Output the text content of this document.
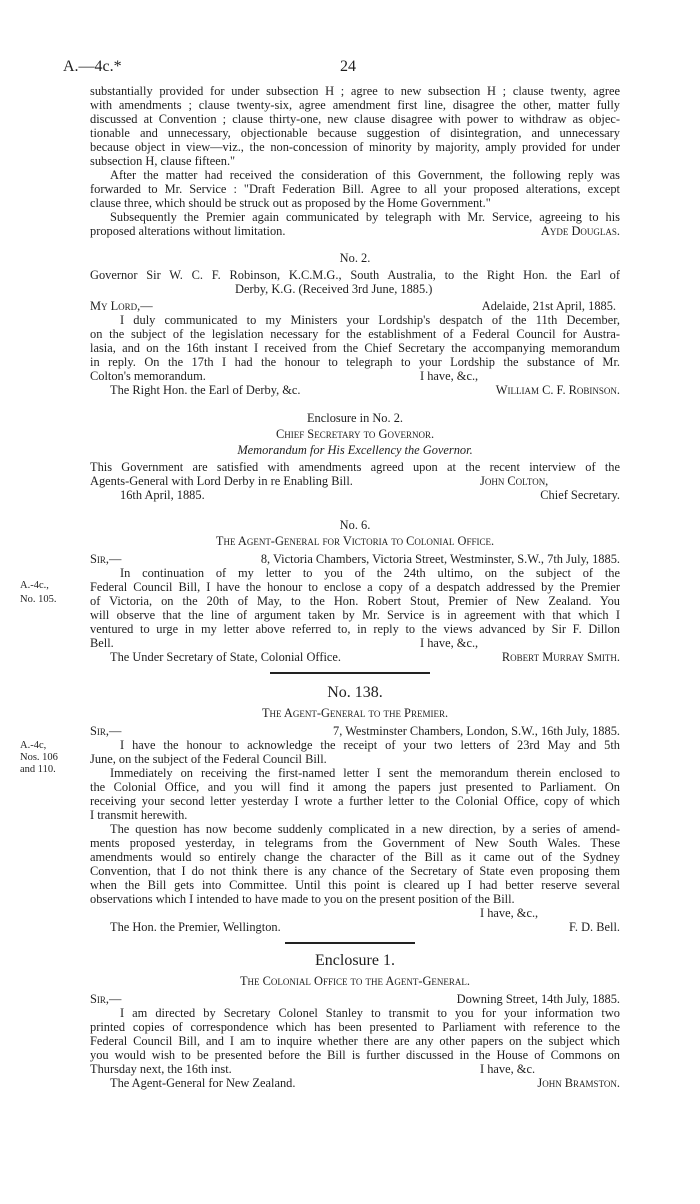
A.—4c.*	24
substantially provided for under subsection H ; agree to new subsection H ; clause twenty, agree
with amendments ; clause twenty-six, agree amendment first line, disagree the other, matter fully
discussed at Convention ; clause thirty-one, new clause disagree with power to withdraw as objec-
tionable and unnecessary, objectionable because suggestion of disintegration, and unnecessary
because object in view—viz., the non-concession of minority by majority, amply provided for under
subsection H, clause fifteen."
After the matter had received the consideration of this Government, the following reply was
forwarded to Mr. Service : "Draft Federation Bill. Agree to all your proposed alterations, except
clause three, which should be struck out as proposed by the Home Government."
Subsequently the Premier again communicated by telegraph with Mr. Service, agreeing to his
proposed alterations without limitation.	Ayde Douglas.
No. 2.
Governor Sir W. C. F. Robinson, K.C.M.G., South Australia, to the Right Hon. the Earl of
Derby, K.G. (Received 3rd June, 1885.)
My Lord,—	Adelaide, 21st April, 1885.
I duly communicated to my Ministers your Lordship's despatch of the 11th December,
on the subject of the legislation necessary for the establishment of a Federal Council for Austra-
lasia, and on the 16th instant I received from the Chief Secretary the accompanying memorandum
in reply. On the 17th I had the honour to telegraph to your Lordship the substance of Mr.
Colton's memorandum.	I have, &c.,
The Right Hon. the Earl of Derby, &c.	William C. F. Robinson.
Enclosure in No. 2.
Chief Secretary to Governor.
Memorandum for His Excellency the Governor.
This Government are satisfied with amendments agreed upon at the recent interview of the
Agents-General with Lord Derby in re Enabling Bill.	John Colton,
16th April, 1885.	Chief Secretary.
No. 6.
The Agent-General for Victoria to Colonial Office.
Sir,—	8, Victoria Chambers, Victoria Street, Westminster, S.W., 7th July, 1885.
In continuation of my letter to you of the 24th ultimo, on the subject of the
Federal Council Bill, I have the honour to enclose a copy of a despatch addressed by the Premier
of Victoria, on the 20th of May, to the Hon. Robert Stout, Premier of New Zealand. You
will observe that the line of argument taken by Mr. Service is in agreement with that which I
ventured to urge in my letter above referred to, in reply to the views advanced by Sir F. Dillon
Bell.	I have, &c.,
The Under Secretary of State, Colonial Office.	Robert Murray Smith.
A.-4c.,
No. 105.
No. 138.
The Agent-General to the Premier.
Sir,—	7, Westminster Chambers, London, S.W., 16th July, 1885.
I have the honour to acknowledge the receipt of your two letters of 23rd May and 5th
June, on the subject of the Federal Council Bill.
Immediately on receiving the first-named letter I sent the memorandum therein enclosed to
the Colonial Office, and you will find it among the papers just presented to Parliament. On
receiving your second letter yesterday I wrote a further letter to the Colonial Office, copy of which
I transmit herewith.
The question has now become suddenly complicated in a new direction, by a series of amend-
ments proposed yesterday, in telegrams from the Government of New South Wales. These
amendments would so entirely change the character of the Bill as it came out of the Sydney
Convention, that I do not think there is any chance of the Secretary of State even proposing them
when the Bill gets into Committee. Until this point is cleared up I had better reserve several
observations which I intended to have made to you on the present position of the Bill.
I have, &c.,
The Hon. the Premier, Wellington.	F. D. Bell.
A.-4c,
Nos. 106
and 110.
Enclosure 1.
The Colonial Office to the Agent-General.
Sir,—	Downing Street, 14th July, 1885.
I am directed by Secretary Colonel Stanley to transmit to you for your information two
printed copies of correspondence which has been presented to Parliament with reference to the
Federal Council Bill, and I am to inquire whether there are any other papers on the subject which
you would wish to be presented before the Bill is further discussed in the House of Commons on
Thursday next, the 16th inst.	I have, &c.
The Agent-General for New Zealand.	John Bramston.
